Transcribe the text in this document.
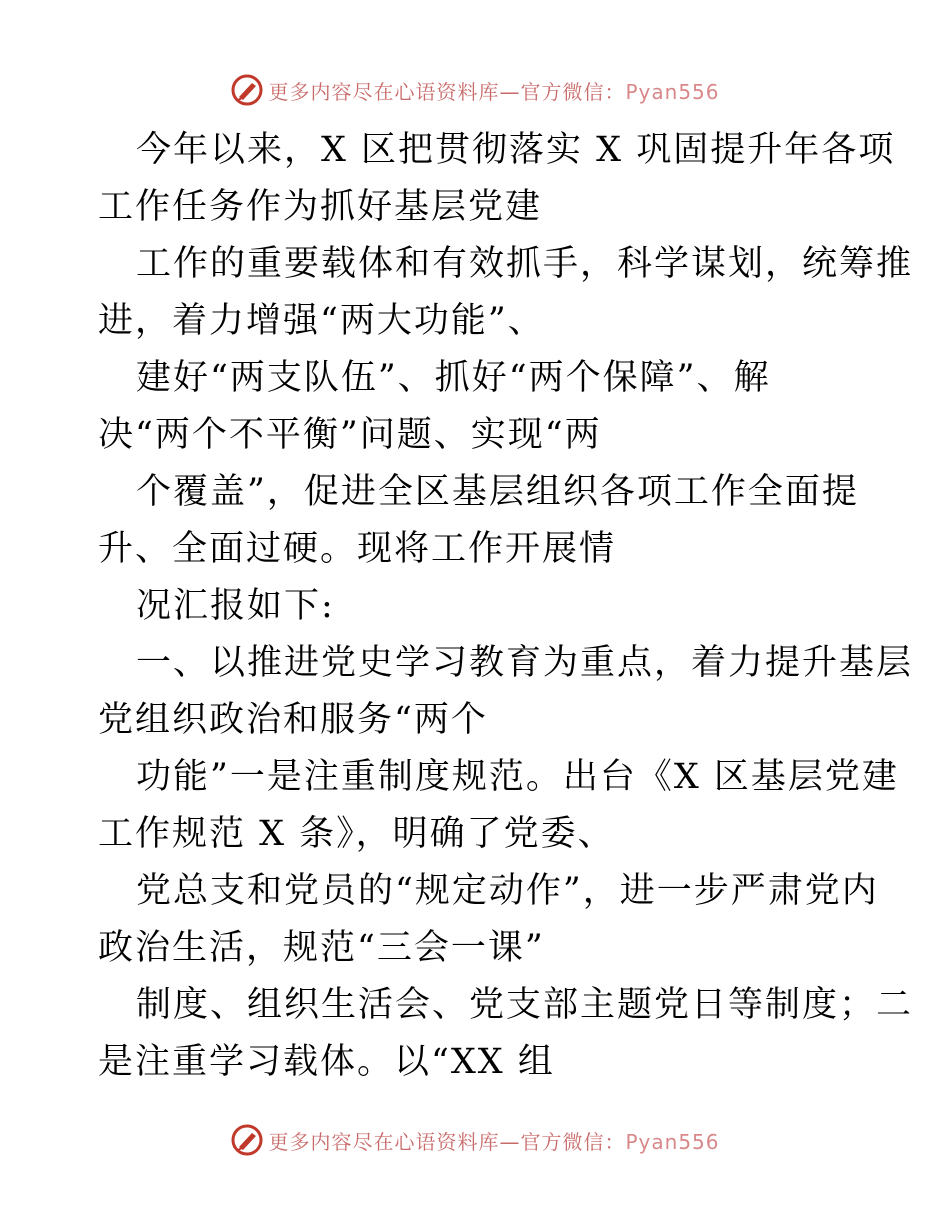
更多内容尽在心语资料库—官方微信：Pyan556
今年以来，X 区把贯彻落实 X 巩固提升年各项
工作任务作为抓好基层党建
工作的重要载体和有效抓手，科学谋划，统筹推
进，着力增强“两大功能”、
建好“两支队伍”、抓好“两个保障”、解
决“两个不平衡”问题、实现“两
个覆盖”，促进全区基层组织各项工作全面提
升、全面过硬。现将工作开展情
况汇报如下:
一、以推进党史学习教育为重点，着力提升基层
党组织政治和服务“两个
功能”一是注重制度规范。出台《X 区基层党建
工作规范 X 条》，明确了党委、
党总支和党员的“规定动作”，进一步严肃党内
政治生活，规范“三会一课”
制度、组织生活会、党支部主题党日等制度；二
是注重学习载体。以“XX 组
更多内容尽在心语资料库—官方微信：Pyan556
